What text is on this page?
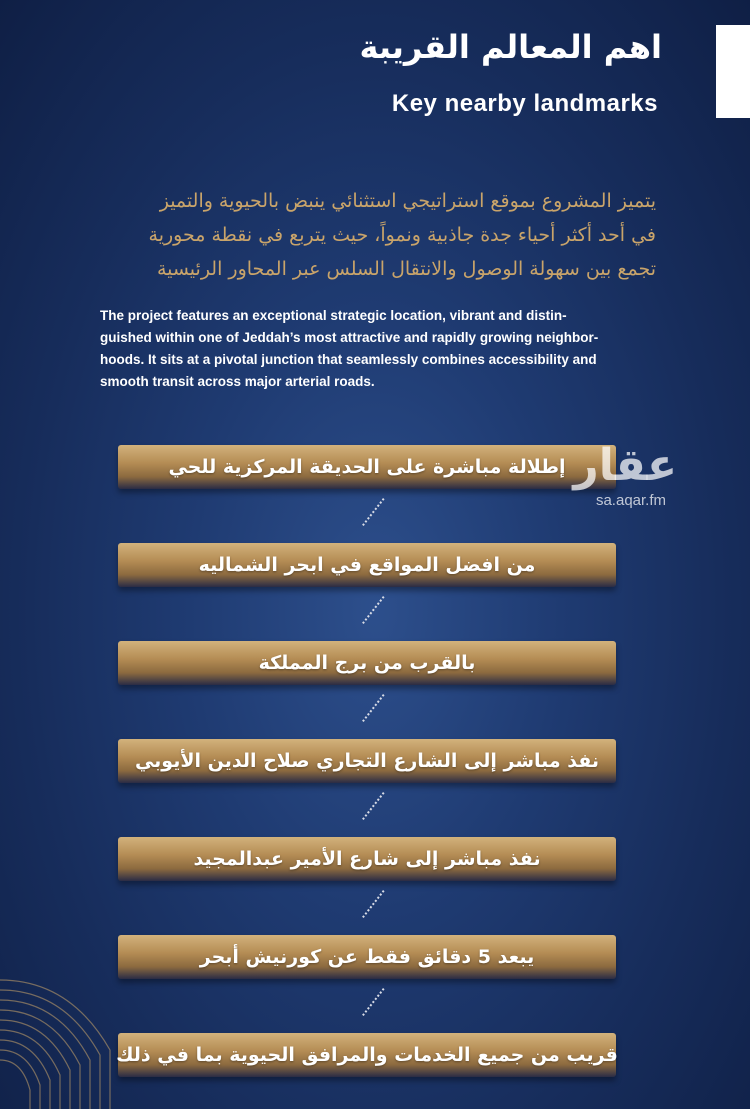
اهم المعالم القريبة
Key nearby landmarks
يتميز المشروع بموقع استراتيجي استثنائي ينبض بالحيوية والتميز
في أحد أكثر أحياء جدة جاذبية ونمواً، حيث يتربع في نقطة محورية
تجمع بين سهولة الوصول والانتقال السلس عبر المحاور الرئيسية
The project features an exceptional strategic location, vibrant and distin-
guished within one of Jeddah’s most attractive and rapidly growing neighbor-
hoods. It sits at a pivotal junction that seamlessly combines accessibility and
smooth transit across major arterial roads.
إطلالة مباشرة على الحديقة المركزية للحي
من افضل المواقع في ابحر الشماليه
بالقرب من برج المملكة
نفذ مباشر إلى الشارع التجاري صلاح الدين الأيوبي
نفذ مباشر إلى شارع الأمير عبدالمجيد
يبعد 5 دقائق فقط عن كورنيش أبحر
قريب من جميع الخدمات والمرافق الحيوية بما في ذلك
عقار
sa.aqar.fm
